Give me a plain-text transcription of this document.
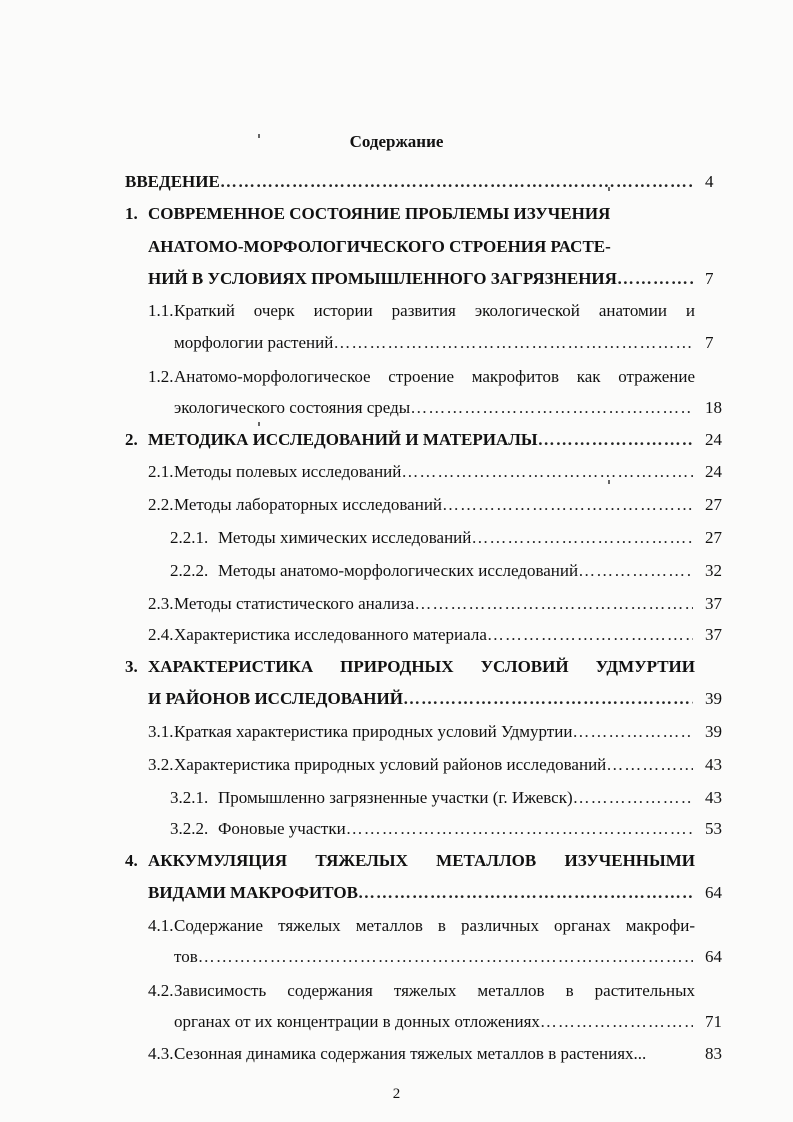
Содержание
ВВЕДЕНИЕ ……………………………………………………………………………………………………………………………………………………………………………………	4
1. СОВРЕМЕННОЕ СОСТОЯНИЕ ПРОБЛЕМЫ ИЗУЧЕНИЯ
АНАТОМО-МОРФОЛОГИЧЕСКОГО СТРОЕНИЯ РАСТЕ-
НИЙ В УСЛОВИЯХ ПРОМЫШЛЕННОГО ЗАГРЯЗНЕНИЯ ……………………………………………………………………………………………………………………………………………………………………………………	7
1.1. Краткий очерк истории развития экологической анатомии и
морфологии растений ……………………………………………………………………………………………………………………………………………………………………………………	7
1.2. Анатомо-морфологическое строение макрофитов как отражение
экологического состояния среды ……………………………………………………………………………………………………………………………………………………………………………………	18
2. МЕТОДИКА ИССЛЕДОВАНИЙ И МАТЕРИАЛЫ ……………………………………………………………………………………………………………………………………………………………………………………	24
2.1. Методы полевых исследований ……………………………………………………………………………………………………………………………………………………………………………………	24
2.2. Методы лабораторных исследований ……………………………………………………………………………………………………………………………………………………………………………………	27
2.2.1. Методы химических исследований ……………………………………………………………………………………………………………………………………………………………………………………	27
2.2.2. Методы анатомо-морфологических исследований ……………………………………………………………………………………………………………………………………………………………………………………	32
2.3. Методы статистического анализа ……………………………………………………………………………………………………………………………………………………………………………………	37
2.4. Характеристика исследованного материала ……………………………………………………………………………………………………………………………………………………………………………………	37
3. ХАРАКТЕРИСТИКА ПРИРОДНЫХ УСЛОВИЙ УДМУРТИИ
И РАЙОНОВ ИССЛЕДОВАНИЙ ……………………………………………………………………………………………………………………………………………………………………………………	39
3.1. Краткая характеристика природных условий Удмуртии ……………………………………………………………………………………………………………………………………………………………………………………	39
3.2. Характеристика природных условий районов исследований ……………………………………………………………………………………………………………………………………………………………………………………	43
3.2.1. Промышленно загрязненные участки (г. Ижевск) ……………………………………………………………………………………………………………………………………………………………………………………	43
3.2.2. Фоновые участки ……………………………………………………………………………………………………………………………………………………………………………………	53
4. АККУМУЛЯЦИЯ ТЯЖЕЛЫХ МЕТАЛЛОВ ИЗУЧЕННЫМИ
ВИДАМИ МАКРОФИТОВ ……………………………………………………………………………………………………………………………………………………………………………………	64
4.1. Содержание тяжелых металлов в различных органах макрофи-
тов ……………………………………………………………………………………………………………………………………………………………………………………	64
4.2. Зависимость содержания тяжелых металлов в растительных
органах от их концентрации в донных отложениях ……………………………………………………………………………………………………………………………………………………………………………………	71
4.3. Сезонная динамика содержания тяжелых металлов в растениях...	83
2
